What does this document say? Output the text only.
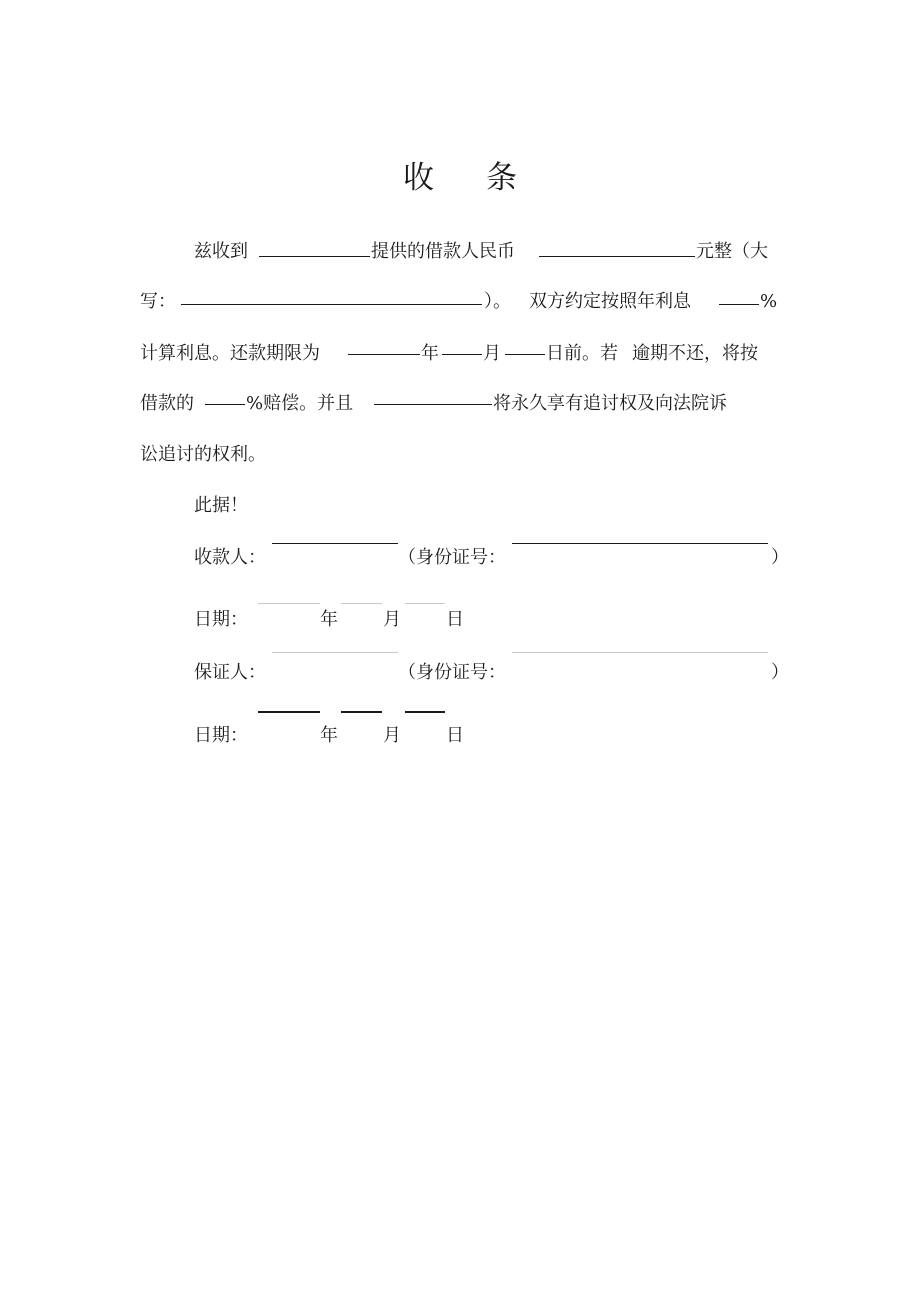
收 条
兹收到	提供的借款人民币	元整（大
写：	）。 双方约定按照年利息	%
计算利息。还款期限为	年 月	日前。若 逾期不还，将按
借款的	%赔偿。并且	将永久享有追讨权及向法院诉
讼追讨的权利。
此据！
收款人：	（身份证号：	）
日期：	年	月	日
保证人：	（身份证号：	）
日期：	年	月	日
